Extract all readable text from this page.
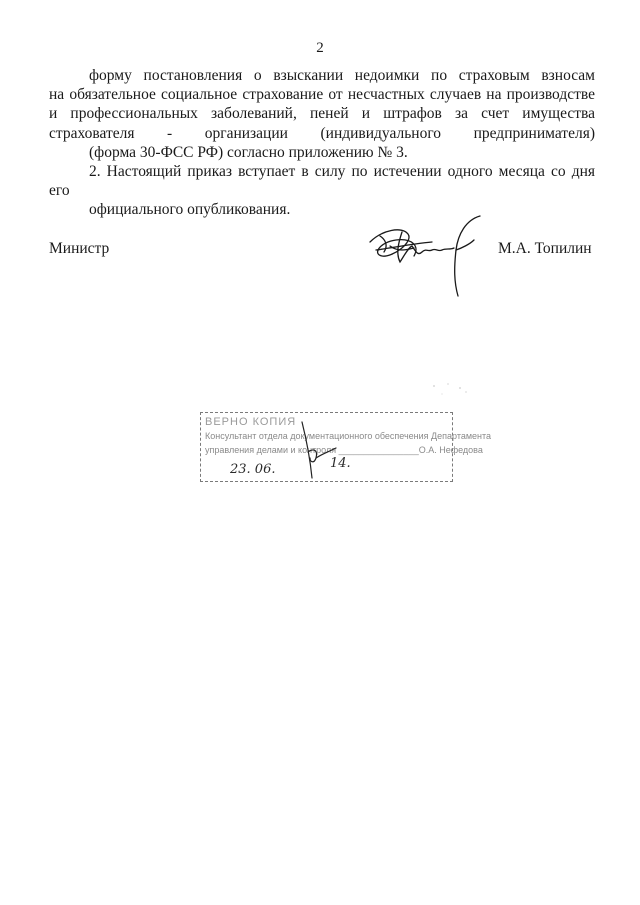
2

форму постановления о взыскании недоимки по страховым взносам
на обязательное социальное страхование от несчастных случаев на производстве
и профессиональных заболеваний, пеней и штрафов за счет имущества
страхователя - организации (индивидуального предпринимателя)
(форма 30-ФСС РФ) согласно приложению № 3.

2. Настоящий приказ вступает в силу по истечении одного месяца со дня его
официального опубликования.

Министр	М.А. Топилин
ВЕРНО КОПИЯ
Консультант отдела документационного обеспечения Департамента
управления делами и контроля ________________О.А. Нефедова
23. 06.	14.
